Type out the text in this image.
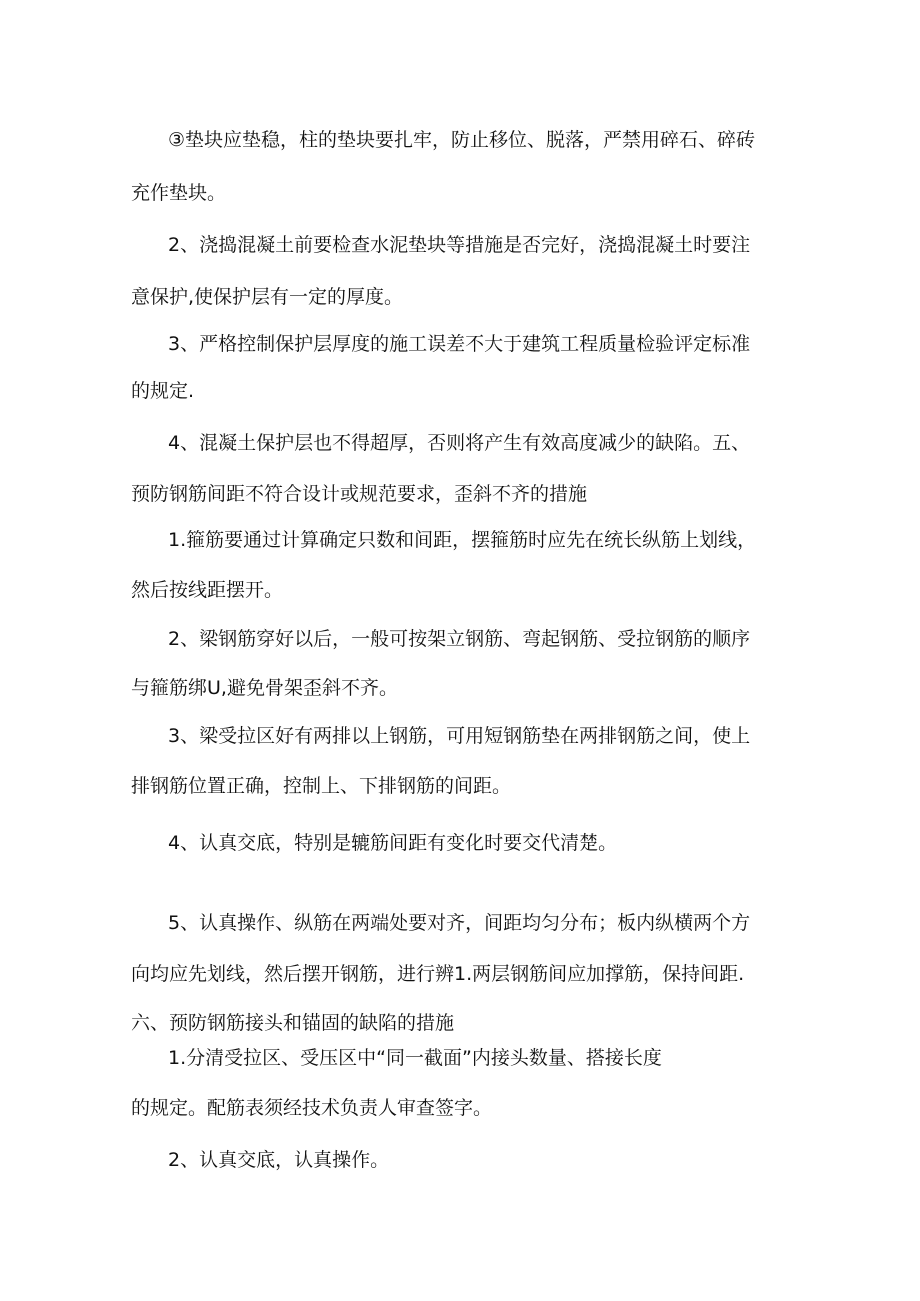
③垫块应垫稳，柱的垫块要扎牢，防止移位、脱落，严禁用碎石、碎砖
充作垫块。
2、浇捣混凝土前要检查水泥垫块等措施是否完好，浇捣混凝土时要注
意保护,使保护层有一定的厚度。
3、严格控制保护层厚度的施工误差不大于建筑工程质量检验评定标准
的规定.
4、混凝土保护层也不得超厚，否则将产生有效高度减少的缺陷。五、
预防钢筋间距不符合设计或规范要求，歪斜不齐的措施
1.箍筋要通过计算确定只数和间距，摆箍筋时应先在统长纵筋上划线，
然后按线距摆开。
2、梁钢筋穿好以后，一般可按架立钢筋、弯起钢筋、受拉钢筋的顺序
与箍筋绑U,避免骨架歪斜不齐。
3、梁受拉区好有两排以上钢筋，可用短钢筋垫在两排钢筋之间，使上
排钢筋位置正确，控制上、下排钢筋的间距。
4、认真交底，特别是辘筋间距有变化时要交代清楚。
5、认真操作、纵筋在两端处要对齐，间距均匀分布；板内纵横两个方
向均应先划线，然后摆开钢筋，进行辨1.两层钢筋间应加撑筋，保持间距.
六、预防钢筋接头和锚固的缺陷的措施
1.分清受拉区、受压区中“同一截面”内接头数量、搭接长度
的规定。配筋表须经技术负责人审查签字。
2、认真交底，认真操作。
